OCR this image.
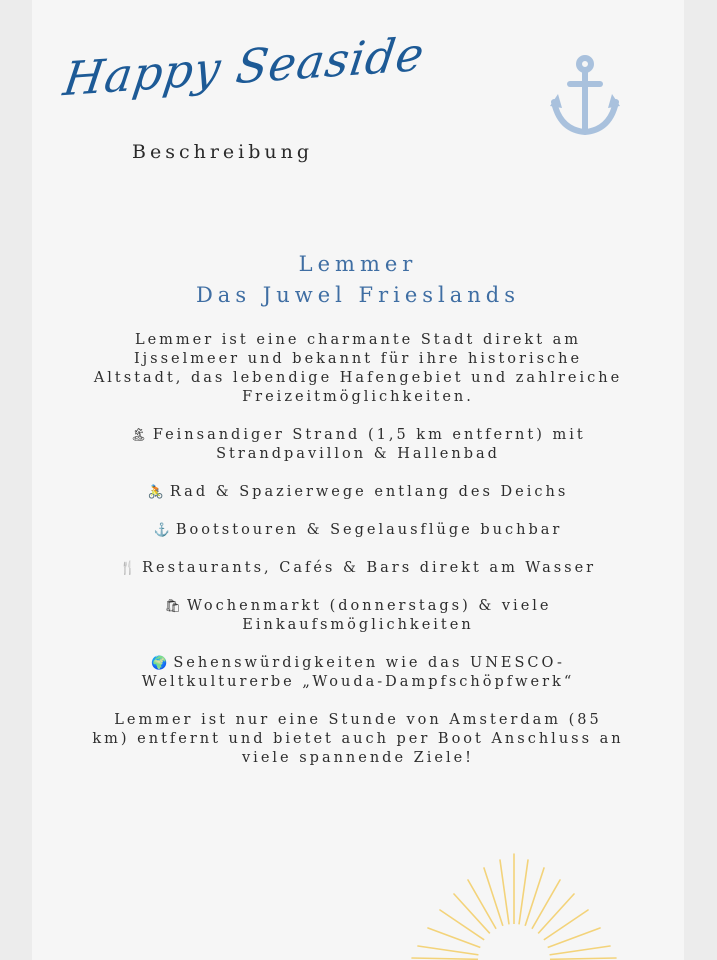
Happy Seaside
Beschreibung
Lemmer
Das Juwel Frieslands
Lemmer ist eine charmante Stadt direkt am Ijsselmeer und bekannt für ihre historische Altstadt, das lebendige Hafengebiet und zahlreiche Freizeitmöglichkeiten.
🏝 Feinsandiger Strand (1,5 km entfernt) mit Strandpavillon & Hallenbad
🚴 Rad & Spazierwege entlang des Deichs
⚓ Bootstouren & Segelausflüge buchbar
🍴 Restaurants, Cafés & Bars direkt am Wasser
🛍 Wochenmarkt (donnerstags) & viele Einkaufsmöglichkeiten
🌍 Sehenswürdigkeiten wie das UNESCO-Weltkulturerbe „Wouda-Dampfschöpfwerk“
Lemmer ist nur eine Stunde von Amsterdam (85 km) entfernt und bietet auch per Boot Anschluss an viele spannende Ziele!
